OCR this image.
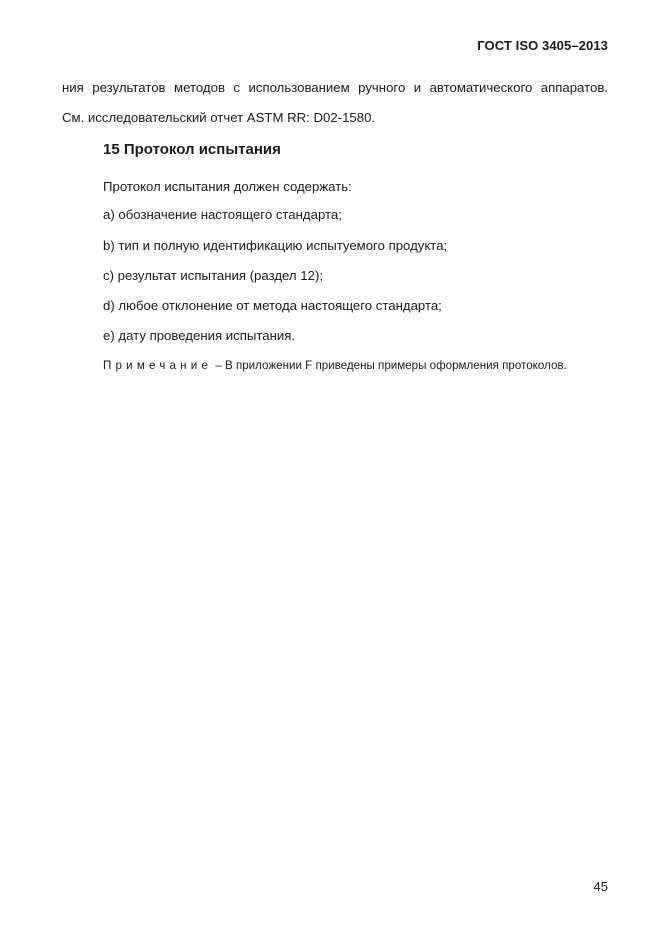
ГОСТ ISO 3405–2013
ния результатов методов с использованием ручного и автоматического аппаратов.
См. исследовательский отчет ASTM RR: D02-1580.
15 Протокол испытания
Протокол испытания должен содержать:
a) обозначение настоящего стандарта;
b) тип и полную идентификацию испытуемого продукта;
c) результат испытания (раздел 12);
d) любое отклонение от метода настоящего стандарта;
e) дату проведения испытания.
Примечание – В приложении F приведены примеры оформления протоколов.
45
